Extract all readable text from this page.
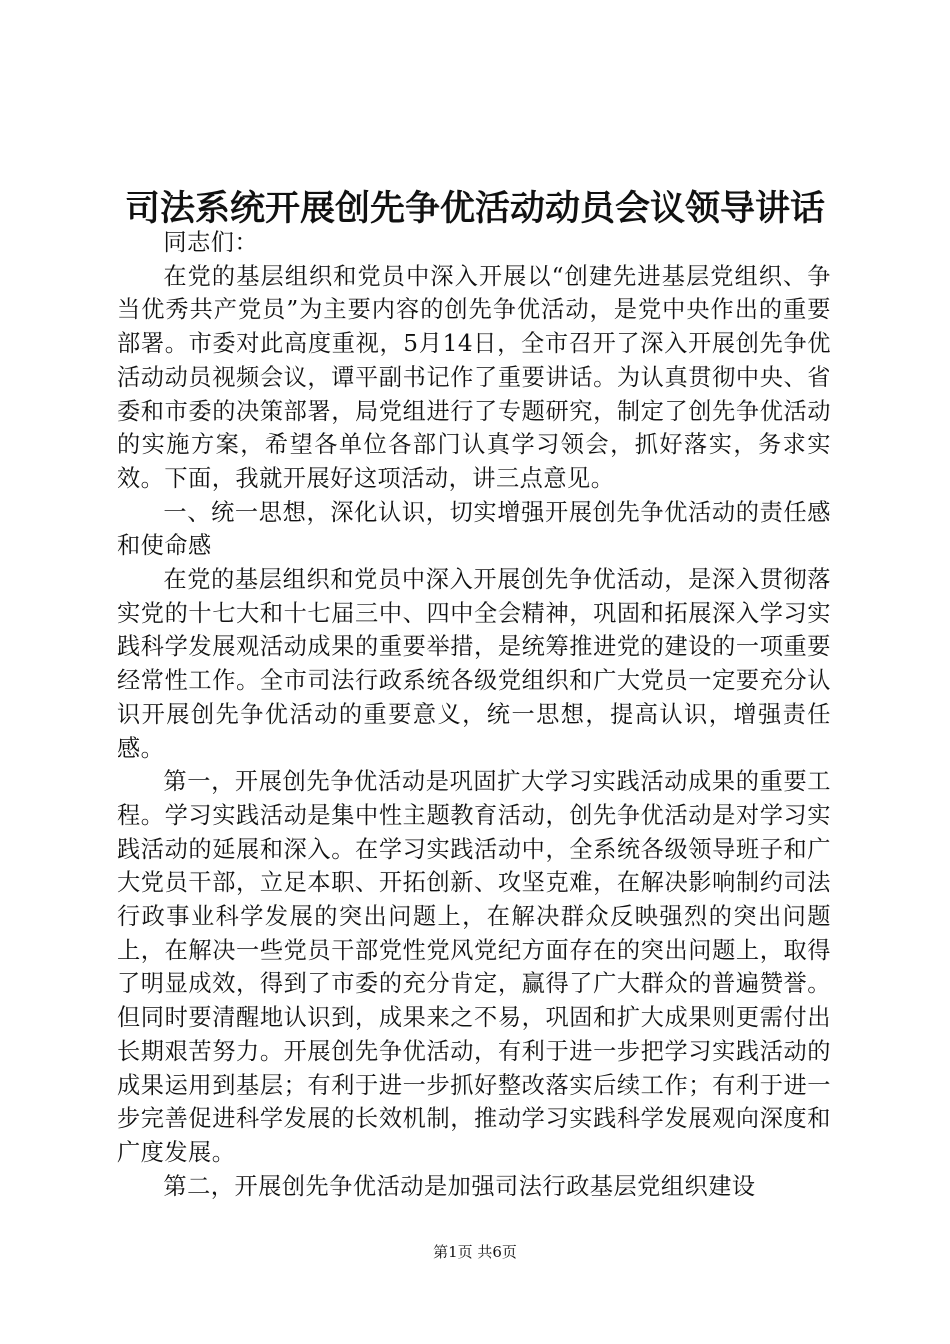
司法系统开展创先争优活动动员会议领导讲话

同志们：

在党的基层组织和党员中深入开展以“创建先进基层党组织、争当优秀共产党员”为主要内容的创先争优活动，是党中央作出的重要部署。市委对此高度重视，5月14日，全市召开了深入开展创先争优活动动员视频会议，谭平副书记作了重要讲话。为认真贯彻中央、省委和市委的决策部署，局党组进行了专题研究，制定了创先争优活动的实施方案，希望各单位各部门认真学习领会，抓好落实，务求实效。下面，我就开展好这项活动，讲三点意见。

一、统一思想，深化认识，切实增强开展创先争优活动的责任感和使命感

在党的基层组织和党员中深入开展创先争优活动，是深入贯彻落实党的十七大和十七届三中、四中全会精神，巩固和拓展深入学习实践科学发展观活动成果的重要举措，是统筹推进党的建设的一项重要经常性工作。全市司法行政系统各级党组织和广大党员一定要充分认识开展创先争优活动的重要意义，统一思想，提高认识，增强责任感。

第一，开展创先争优活动是巩固扩大学习实践活动成果的重要工程。学习实践活动是集中性主题教育活动，创先争优活动是对学习实践活动的延展和深入。在学习实践活动中，全系统各级领导班子和广大党员干部，立足本职、开拓创新、攻坚克难，在解决影响制约司法行政事业科学发展的突出问题上，在解决群众反映强烈的突出问题上，在解决一些党员干部党性党风党纪方面存在的突出问题上，取得了明显成效，得到了市委的充分肯定，赢得了广大群众的普遍赞誉。但同时要清醒地认识到，成果来之不易，巩固和扩大成果则更需付出长期艰苦努力。开展创先争优活动，有利于进一步把学习实践活动的成果运用到基层；有利于进一步抓好整改落实后续工作；有利于进一步完善促进科学发展的长效机制，推动学习实践科学发展观向深度和广度发展。

第二，开展创先争优活动是加强司法行政基层党组织建设

第1页 共6页
